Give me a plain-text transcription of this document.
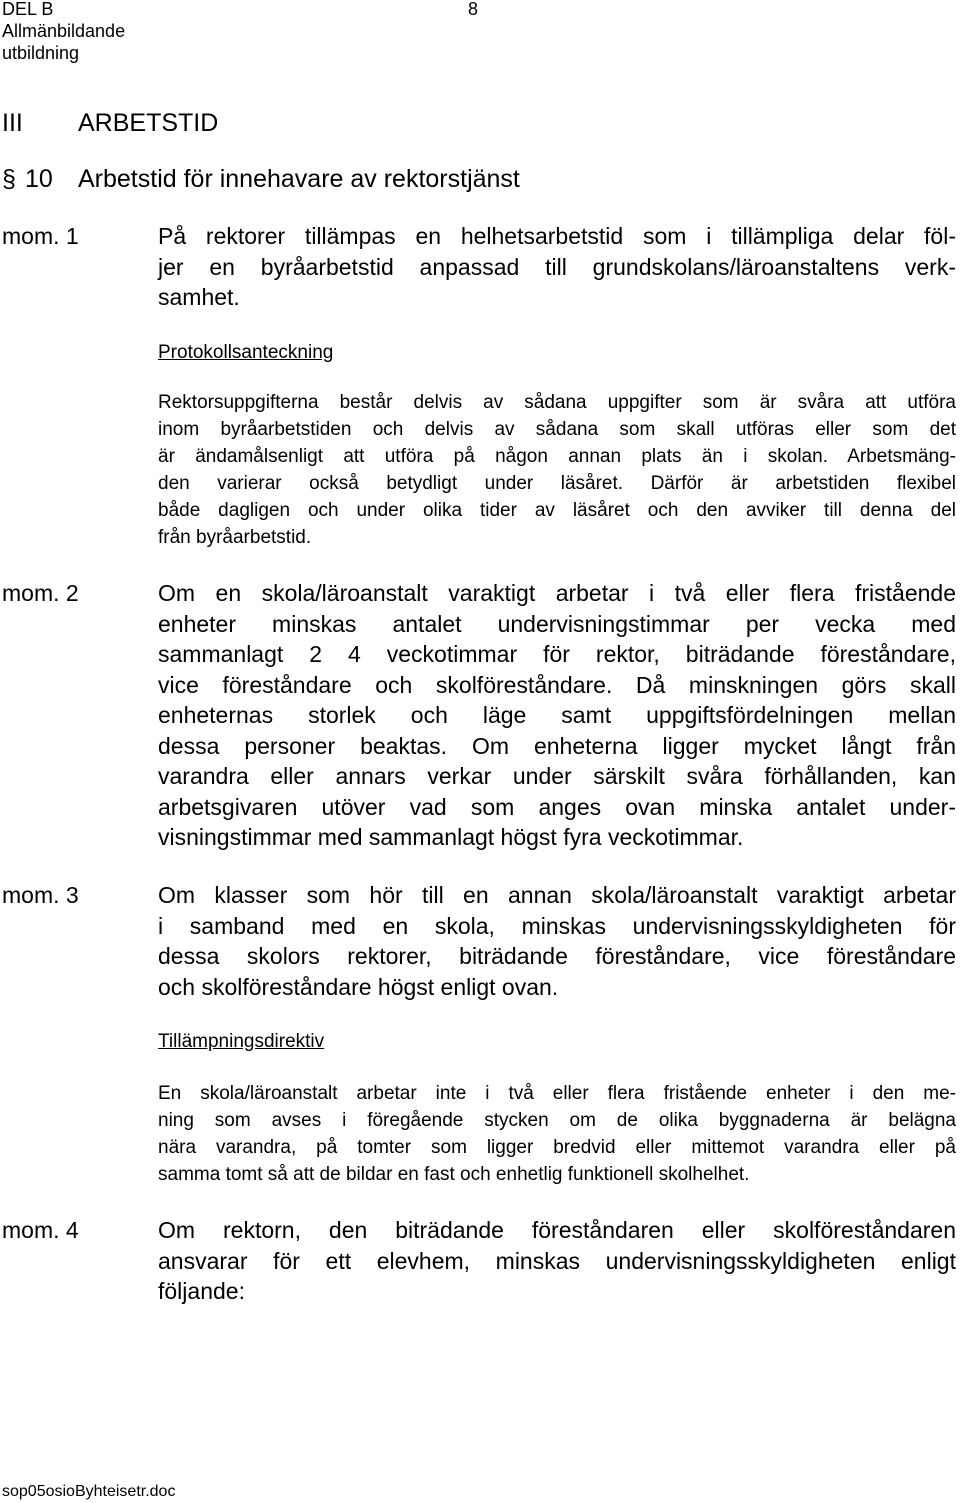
DEL B
Allmänbildande
utbildning
8
III ARBETSTID
§ 10 Arbetstid för innehavare av rektorstjänst
mom. 1	På rektorer tillämpas en helhetsarbetstid som i tillämpliga delar föl-
jer en byråarbetstid anpassad till grundskolans/läroanstaltens verk-
samhet.
Protokollsanteckning
Rektorsuppgifterna består delvis av sådana uppgifter som är svåra att utföra
inom byråarbetstiden och delvis av sådana som skall utföras eller som det
är ändamålsenligt att utföra på någon annan plats än i skolan. Arbetsmäng-
den varierar också betydligt under läsåret. Därför är arbetstiden flexibel
både dagligen och under olika tider av läsåret och den avviker till denna del
från byråarbetstid.
mom. 2	Om en skola/läroanstalt varaktigt arbetar i två eller flera fristående
enheter minskas antalet undervisningstimmar per vecka med
sammanlagt 2 4 veckotimmar för rektor, biträdande föreståndare,
vice föreståndare och skolföreståndare. Då minskningen görs skall
enheternas storlek och läge samt uppgiftsfördelningen mellan
dessa personer beaktas. Om enheterna ligger mycket långt från
varandra eller annars verkar under särskilt svåra förhållanden, kan
arbetsgivaren utöver vad som anges ovan minska antalet under-
visningstimmar med sammanlagt högst fyra veckotimmar.
mom. 3	Om klasser som hör till en annan skola/läroanstalt varaktigt arbetar
i samband med en skola, minskas undervisningsskyldigheten för
dessa skolors rektorer, biträdande föreståndare, vice föreståndare
och skolföreståndare högst enligt ovan.
Tillämpningsdirektiv
En skola/läroanstalt arbetar inte i två eller flera fristående enheter i den me-
ning som avses i föregående stycken om de olika byggnaderna är belägna
nära varandra, på tomter som ligger bredvid eller mittemot varandra eller på
samma tomt så att de bildar en fast och enhetlig funktionell skolhelhet.
mom. 4	Om rektorn, den biträdande föreståndaren eller skolföreståndaren
ansvarar för ett elevhem, minskas undervisningsskyldigheten enligt
följande:
sop05osioByhteisetr.doc
